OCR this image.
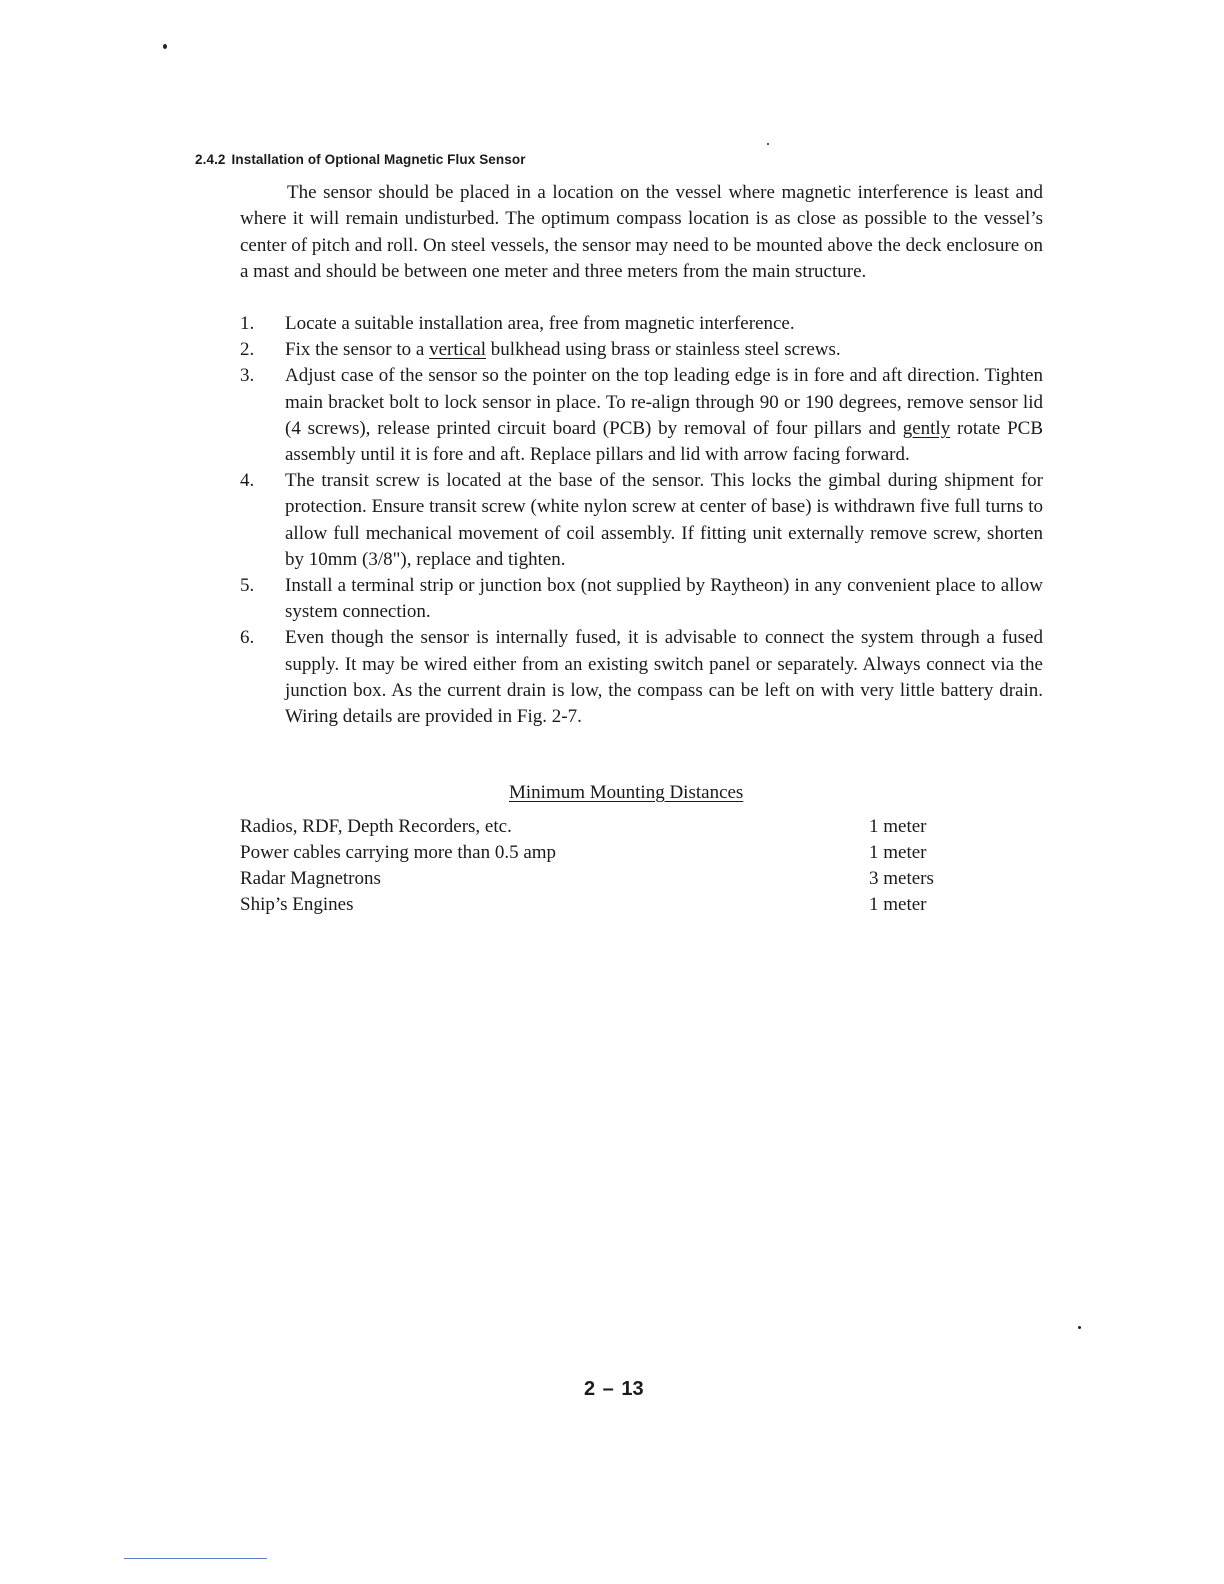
2.4.2 Installation of Optional Magnetic Flux Sensor

The sensor should be placed in a location on the vessel where magnetic interference is least and where it will remain undisturbed. The optimum compass location is as close as possible to the vessel’s center of pitch and roll. On steel vessels, the sensor may need to be mounted above the deck enclosure on a mast and should be between one meter and three meters from the main structure.

1.	Locate a suitable installation area, free from magnetic interference.
2.	Fix the sensor to a vertical bulkhead using brass or stainless steel screws.
3.	Adjust case of the sensor so the pointer on the top leading edge is in fore and aft direction. Tighten main bracket bolt to lock sensor in place. To re-align through 90 or 190 degrees, remove sensor lid (4 screws), release printed circuit board (PCB) by removal of four pillars and gently rotate PCB assembly until it is fore and aft. Replace pillars and lid with arrow facing forward.
4.	The transit screw is located at the base of the sensor. This locks the gimbal during shipment for protection. Ensure transit screw (white nylon screw at center of base) is withdrawn five full turns to allow full mechanical movement of coil assembly. If fitting unit externally remove screw, shorten by 10mm (3/8"), replace and tighten.
5.	Install a terminal strip or junction box (not supplied by Raytheon) in any convenient place to allow system connection.
6.	Even though the sensor is internally fused, it is advisable to connect the system through a fused supply. It may be wired either from an existing switch panel or separately. Always connect via the junction box. As the current drain is low, the compass can be left on with very little battery drain. Wiring details are provided in Fig. 2-7.
Minimum Mounting Distances
Radios, RDF, Depth Recorders, etc.	1 meter
Power cables carrying more than 0.5 amp	1 meter
Radar Magnetrons	3 meters
Ship’s Engines	1 meter
2 – 13
